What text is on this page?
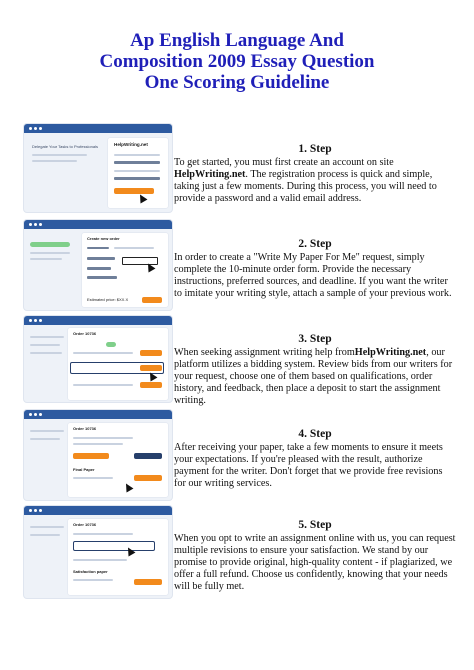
Ap English Language And
Composition 2009 Essay Question
One Scoring Guideline
Delegate Your Tasks to Professionals	HelpWriting.net
Create new order
Estimated price: $XX.X
Order 10736
Order 10736
Final Paper
Order 10736
Satisfaction paper
1. Step

To get started, you must first create an account on site HelpWriting.net. The registration process is quick and simple, taking just a few moments. During this process, you will need to provide a password and a valid email address.

2. Step

In order to create a "Write My Paper For Me" request, simply complete the 10-minute order form. Provide the necessary instructions, preferred sources, and deadline. If you want the writer to imitate your writing style, attach a sample of your previous work.

3. Step

When seeking assignment writing help fromHelpWriting.net, our platform utilizes a bidding system. Review bids from our writers for your request, choose one of them based on qualifications, order history, and feedback, then place a deposit to start the assignment writing.

4. Step

After receiving your paper, take a few moments to ensure it meets your expectations. If you're pleased with the result, authorize payment for the writer. Don't forget that we provide free revisions for our writing services.

5. Step

When you opt to write an assignment online with us, you can request multiple revisions to ensure your satisfaction. We stand by our promise to provide original, high-quality content - if plagiarized, we offer a full refund. Choose us confidently, knowing that your needs will be fully met.
